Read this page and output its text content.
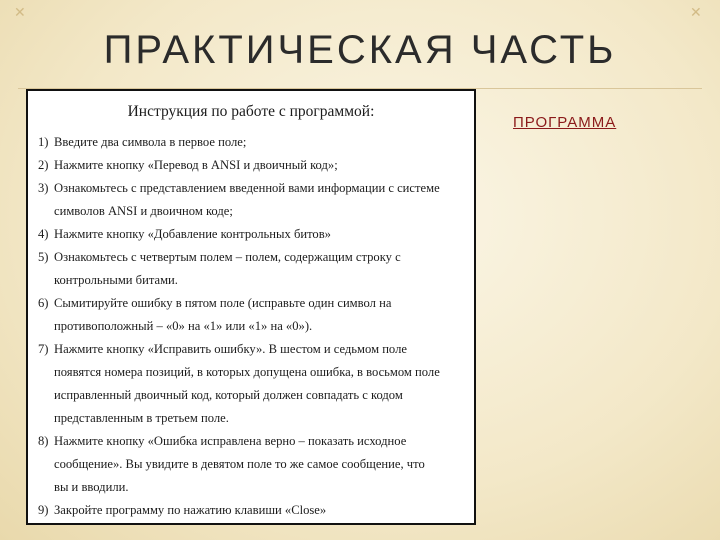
ПРАКТИЧЕСКАЯ ЧАСТЬ
✕	✕
Инструкция по работе с программой:
1) Введите два символа в первое поле;
2) Нажмите кнопку «Перевод в ANSI и двоичный код»;
3) Ознакомьтесь с представлением введенной вами информации с системе
символов ANSI и двоичном коде;
4) Нажмите кнопку «Добавление контрольных битов»
5) Ознакомьтесь с четвертым полем – полем, содержащим строку с
контрольными битами.
6) Сымитируйте ошибку в пятом поле (исправьте один символ на
противоположный – «0» на «1» или «1» на «0»).
7) Нажмите кнопку «Исправить ошибку». В шестом и седьмом поле
появятся номера позиций, в которых допущена ошибка, в восьмом поле
исправленный двоичный код, который должен совпадать с кодом
представленным в третьем поле.
8) Нажмите кнопку «Ошибка исправлена верно – показать исходное
сообщение». Вы увидите в девятом поле то же самое сообщение, что
вы и вводили.
9) Закройте программу по нажатию клавиши «Close»
ПРОГРАММА
